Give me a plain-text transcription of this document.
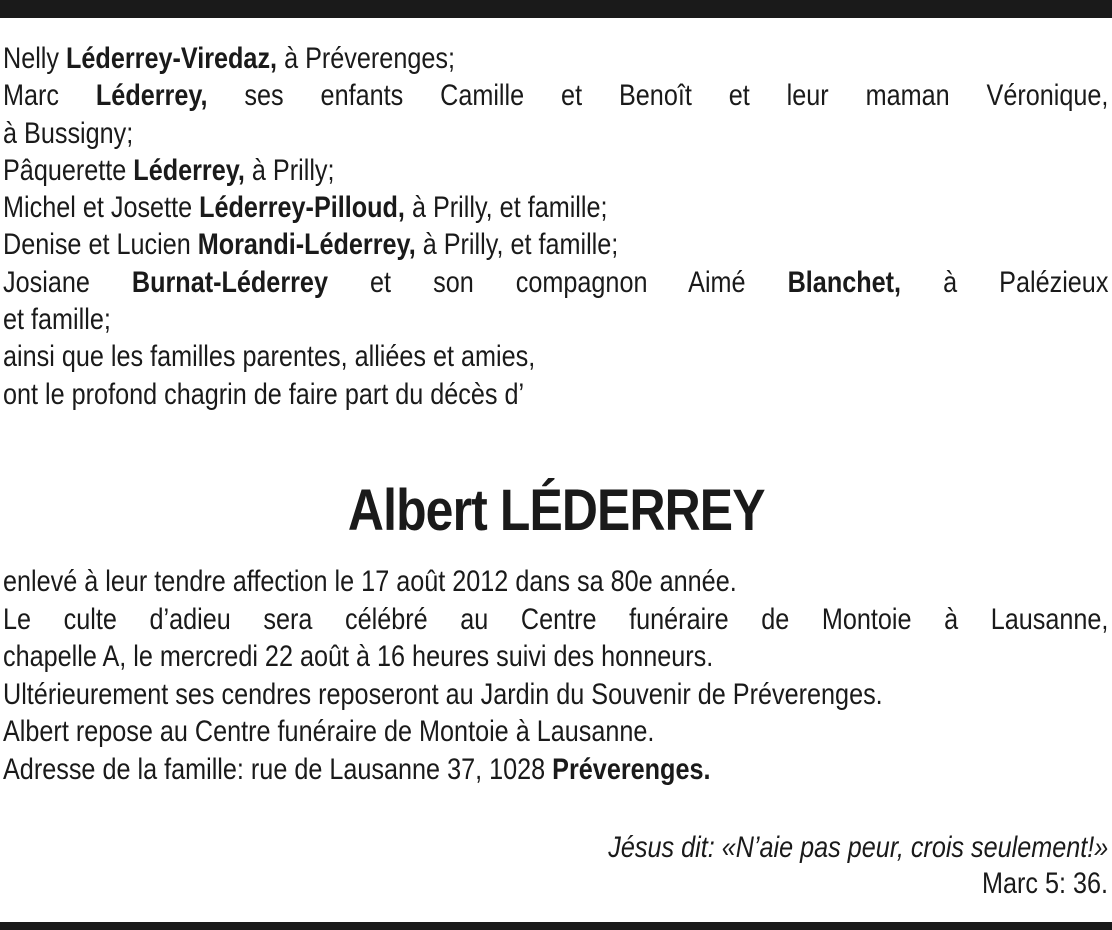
Nelly Léderrey-Viredaz, à Préverenges;
Marc Léderrey, ses enfants Camille et Benoît et leur maman Véronique,
à Bussigny;
Pâquerette Léderrey, à Prilly;
Michel et Josette Léderrey-Pilloud, à Prilly, et famille;
Denise et Lucien Morandi-Léderrey, à Prilly, et famille;
Josiane Burnat-Léderrey et son compagnon Aimé Blanchet, à Palézieux
et famille;
ainsi que les familles parentes, alliées et amies,
ont le profond chagrin de faire part du décès d’
Albert LÉDERREY
enlevé à leur tendre affection le 17 août 2012 dans sa 80e année.
Le culte d’adieu sera célébré au Centre funéraire de Montoie à Lausanne,
chapelle A, le mercredi 22 août à 16 heures suivi des honneurs.
Ultérieurement ses cendres reposeront au Jardin du Souvenir de Préverenges.
Albert repose au Centre funéraire de Montoie à Lausanne.
Adresse de la famille: rue de Lausanne 37, 1028 Préverenges.
Jésus dit: «N’aie pas peur, crois seulement!»
Marc 5: 36.
